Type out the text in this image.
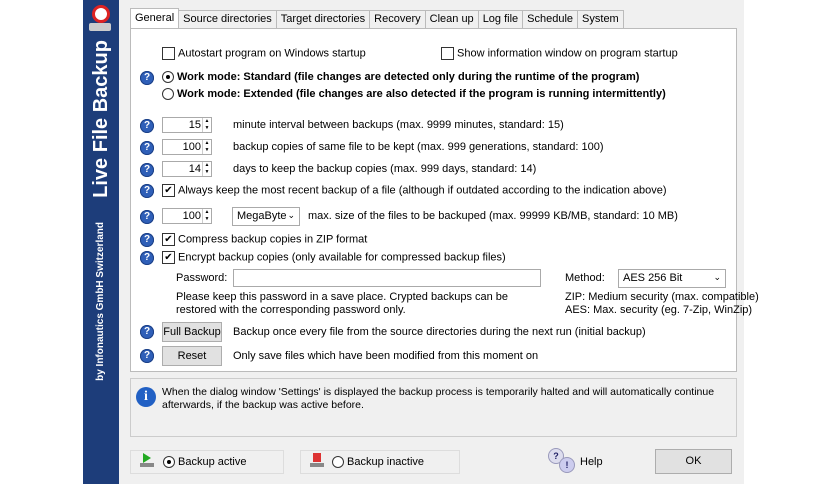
Live File Backup
by Infonautics GmbH Switzerland
General Source directories Target directories Recovery Clean up Log file Schedule System
Autostart program on Windows startup	Show information window on program startup
?	Work mode: Standard (file changes are detected only during the runtime of the program)
Work mode: Extended (file changes are also detected if the program is running intermittently)
?	15 ▲
▼ minute interval between backups (max. 9999 minutes, standard: 15)
?	100 ▲
▼ backup copies of same file to be kept (max. 999 generations, standard: 100)
?	14 ▲
▼ days to keep the backup copies (max. 999 days, standard: 14)
?	✔ Always keep the most recent backup of a file (although if outdated according to the indication above)
?	100 ▲
▼	MegaByte ⌄ max. size of the files to be backuped (max. 99999 KB/MB, standard: 10 MB)
?	✔ Compress backup copies in ZIP format
?	✔ Encrypt backup copies (only available for compressed backup files)
Password:	Method:	AES 256 Bit	⌄
Please keep this password in a save place. Crypted backups can be restored with the corresponding password only.
ZIP: Medium security (max. compatible)
AES: Max. security (eg. 7-Zip, WinZip)
?	Full Backup Backup once every file from the source directories during the next run (initial backup)
?	Reset	Only save files which have been modified from this moment on
i	When the dialog window 'Settings' is displayed the backup process is temporarily halted and will automatically continue afterwards, if the backup was active before.
Backup active	Backup inactive	?
!	Help	OK
